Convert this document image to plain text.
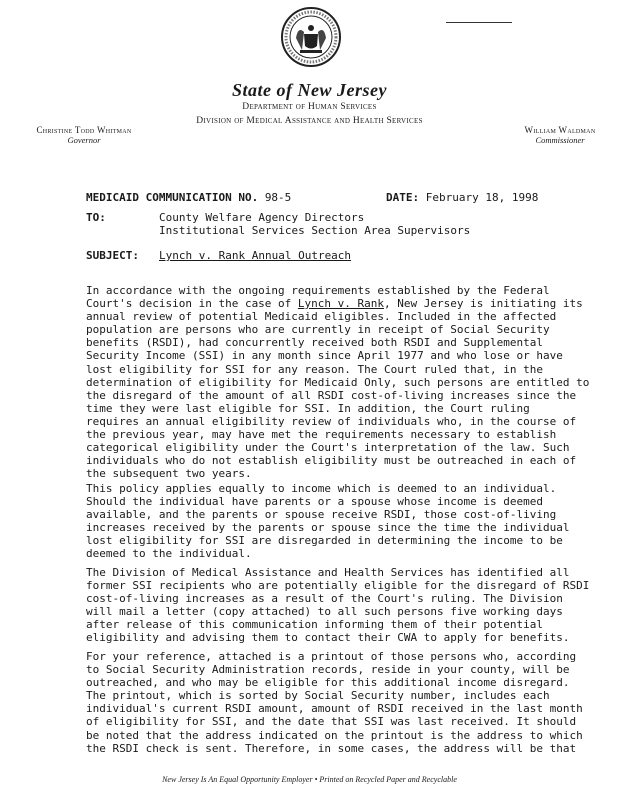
State of New Jersey
Department of Human Services
Division of Medical Assistance and Health Services
Christine Todd Whitman
Governor
William Waldman
Commissioner
MEDICAID COMMUNICATION NO. 98-5	DATE: February 18, 1998
TO:	County Welfare Agency Directors
Institutional Services Section Area Supervisors
SUBJECT: Lynch v. Rank Annual Outreach
In accordance with the ongoing requirements established by the Federal
Court's decision in the case of Lynch v. Rank, New Jersey is initiating its
annual review of potential Medicaid eligibles. Included in the affected
population are persons who are currently in receipt of Social Security
benefits (RSDI), had concurrently received both RSDI and Supplemental
Security Income (SSI) in any month since April 1977 and who lose or have
lost eligibility for SSI for any reason. The Court ruled that, in the
determination of eligibility for Medicaid Only, such persons are entitled to
the disregard of the amount of all RSDI cost-of-living increases since the
time they were last eligible for SSI. In addition, the Court ruling
requires an annual eligibility review of individuals who, in the course of
the previous year, may have met the requirements necessary to establish
categorical eligibility under the Court's interpretation of the law. Such
individuals who do not establish eligibility must be outreached in each of
the subsequent two years.
This policy applies equally to income which is deemed to an individual.
Should the individual have parents or a spouse whose income is deemed
available, and the parents or spouse receive RSDI, those cost-of-living
increases received by the parents or spouse since the time the individual
lost eligibility for SSI are disregarded in determining the income to be
deemed to the individual.
The Division of Medical Assistance and Health Services has identified all
former SSI recipients who are potentially eligible for the disregard of RSDI
cost-of-living increases as a result of the Court's ruling. The Division
will mail a letter (copy attached) to all such persons five working days
after release of this communication informing them of their potential
eligibility and advising them to contact their CWA to apply for benefits.
For your reference, attached is a printout of those persons who, according
to Social Security Administration records, reside in your county, will be
outreached, and who may be eligible for this additional income disregard.
The printout, which is sorted by Social Security number, includes each
individual's current RSDI amount, amount of RSDI received in the last month
of eligibility for SSI, and the date that SSI was last received. It should
be noted that the address indicated on the printout is the address to which
the RSDI check is sent. Therefore, in some cases, the address will be that
New Jersey Is An Equal Opportunity Employer • Printed on Recycled Paper and Recyclable
